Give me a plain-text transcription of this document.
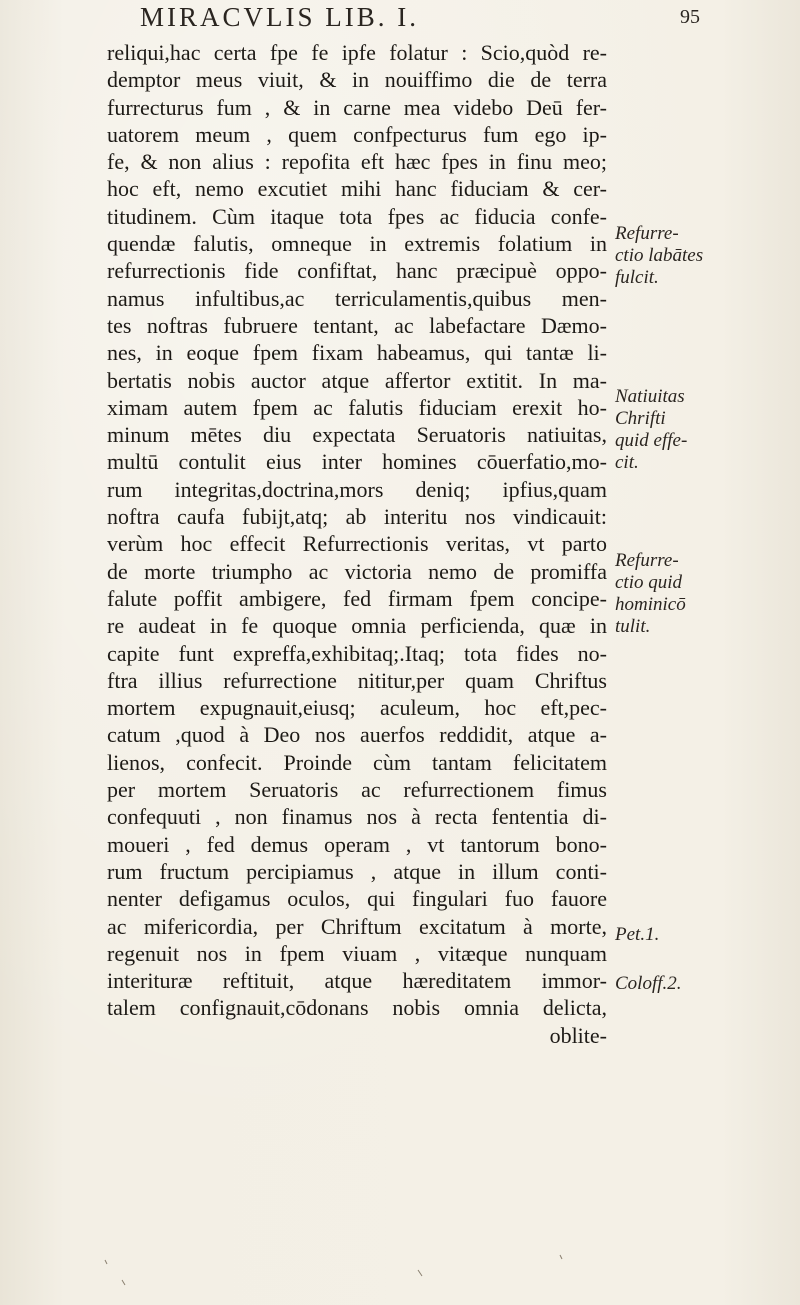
MIRACVLIS LIB. I.	95
reliqui,hac certa fpe fe ipfe folatur : Scio,quòd re-
demptor meus viuit, & in nouiffimo die de terra
furrecturus fum , & in carne mea videbo Deū fer-
uatorem meum , quem confpecturus fum ego ip-
fe, & non alius : repofita eft hæc fpes in finu meo;
hoc eft, nemo excutiet mihi hanc fiduciam & cer-
titudinem. Cùm itaque tota fpes ac fiducia confe-
quendæ falutis, omneque in extremis folatium in
refurrectionis fide confiftat, hanc præcipuè oppo-
namus infultibus,ac terriculamentis,quibus men-
tes noftras fubruere tentant, ac labefactare Dæmo-
nes, in eoque fpem fixam habeamus, qui tantæ li-
bertatis nobis auctor atque affertor extitit. In ma-
ximam autem fpem ac falutis fiduciam erexit ho-
minum mētes diu expectata Seruatoris natiuitas,
multū contulit eius inter homines cōuerfatio,mo-
rum integritas,doctrina,mors deniq; ipfius,quam
noftra caufa fubijt,atq; ab interitu nos vindicauit:
verùm hoc effecit Refurrectionis veritas, vt parto
de morte triumpho ac victoria nemo de promiffa
falute poffit ambigere, fed firmam fpem concipe-
re audeat in fe quoque omnia perficienda, quæ in
capite funt expreffa,exhibitaq;.Itaq; tota fides no-
ftra illius refurrectione nititur,per quam Chriftus
mortem expugnauit,eiusq; aculeum, hoc eft,pec-
catum ,quod à Deo nos auerfos reddidit, atque a-
lienos, confecit. Proinde cùm tantam felicitatem
per mortem Seruatoris ac refurrectionem fimus
confequuti , non finamus nos à recta fententia di-
moueri , fed demus operam , vt tantorum bono-
rum fructum percipiamus , atque in illum conti-
nenter defigamus oculos, qui fingulari fuo fauore
ac mifericordia, per Chriftum excitatum à morte,
regenuit nos in fpem viuam , vitæque nunquam
interituræ reftituit, atque hæreditatem immor-
talem confignauit,cōdonans nobis omnia delicta,
oblite-
Refurre-
ctio labātes
fulcit.
Natiuitas
Chrifti
quid effe-
cit.
Refurre-
ctio quid
hominicō
tulit.
Pet.1.
Coloff.2.
